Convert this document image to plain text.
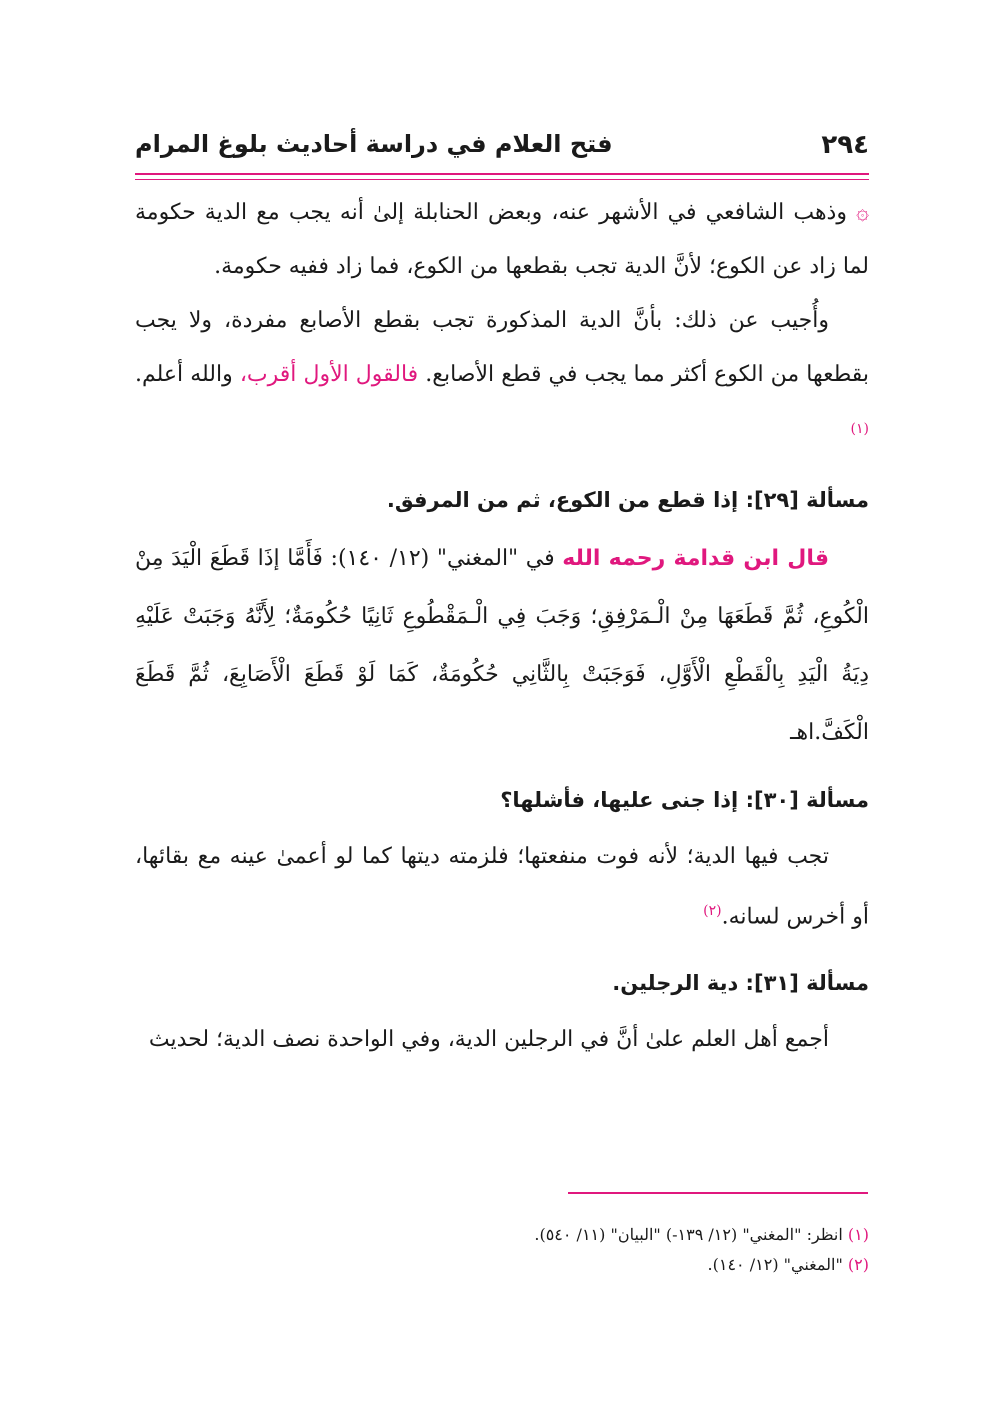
٢٩٤
فتح العلام في دراسة أحاديث بلوغ المرام

۞ وذهب الشافعي في الأشهر عنه، وبعض الحنابلة إلىٰ أنه يجب مع الدية حكومة لما زاد عن الكوع؛ لأنَّ الدية تجب بقطعها من الكوع، فما زاد ففيه حكومة.

وأُجيب عن ذلك: بأنَّ الدية المذكورة تجب بقطع الأصابع مفردة، ولا يجب بقطعها من الكوع أكثر مما يجب في قطع الأصابع. فالقول الأول أقرب، والله أعلم.$^{(١)}$

مسألة [٢٩]: إذا قطع من الكوع، ثم من المرفق.

قال ابن قدامة رحمه الله في "المغني" (١٢/ ١٤٠): فَأَمَّا إذَا قَطَعَ الْيَدَ مِنْ الْكُوعِ، ثُمَّ قَطَعَهَا مِنْ الْـمَرْفِقِ؛ وَجَبَ فِي الْـمَقْطُوعِ ثَانِيًا حُكُومَةٌ؛ لِأَنَّهُ وَجَبَتْ عَلَيْهِ دِيَةُ الْيَدِ بِالْقَطْعِ الْأَوَّلِ، فَوَجَبَتْ بِالثَّانِي حُكُومَةٌ، كَمَا لَوْ قَطَعَ الْأَصَابِعَ، ثُمَّ قَطَعَ الْكَفَّ.اهـ

مسألة [٣٠]: إذا جنى عليها، فأشلها؟

تجب فيها الدية؛ لأنه فوت منفعتها؛ فلزمته ديتها كما لو أعمىٰ عينه مع بقائها، أو أخرس لسانه.$^{(٢)}$

مسألة [٣١]: دية الرجلين.

أجمع أهل العلم علىٰ أنَّ في الرجلين الدية، وفي الواحدة نصف الدية؛ لحديث

(١) انظر: "المغني" (١٢/ ١٣٩-) "البيان" (١١/ ٥٤٠).

(٢) "المغني" (١٢/ ١٤٠).
